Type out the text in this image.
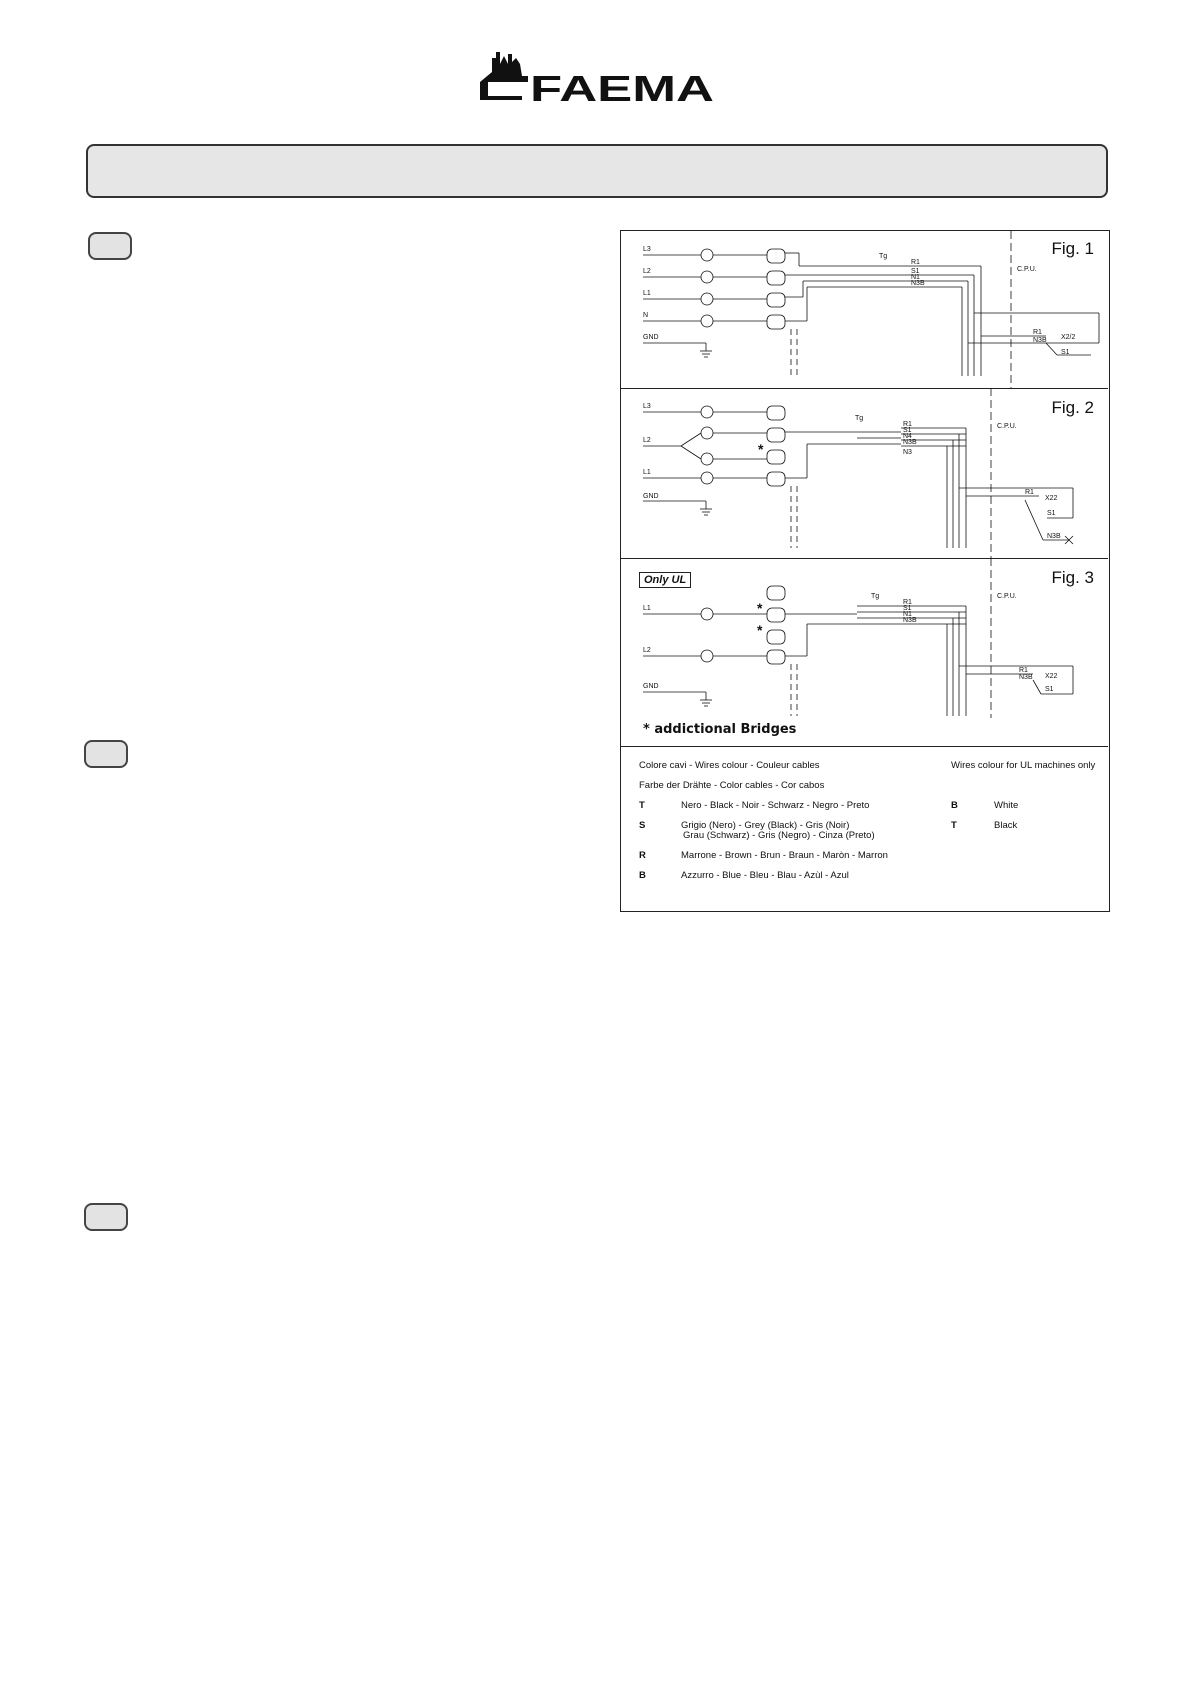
FAEMA
Fig. 1
L3
L2
L1
N
GND
Tg
R1
S1
N1
N3B
C.P.U.
R1
N3B X2/2
S1
Fig. 2
L3
L2
L1
GND
*
Tg
R1
S1
N4
N3B
N3
C.P.U.
R1
X22
S1
N3B
Fig. 3
Only UL
L1
L2
GND
*
*
Tg
R1
S1
N1
N3B
C.P.U.
R1
N3B X22
S1
* addictional Bridges
Colore cavi - Wires colour - Couleur cables
Farbe der Drähte - Color cables - Cor cabos
Wires colour for UL machines only
T	Nero - Black - Noir - Schwarz - Negro - Preto
S	Grigio (Nero) - Grey (Black) - Gris (Noir)
Grau (Schwarz) - Gris (Negro) - Cinza (Preto)
R	Marrone - Brown - Brun - Braun - Maròn - Marron
B	Azzurro - Blue - Bleu - Blau - Azùl - Azul
B	White
T	Black
